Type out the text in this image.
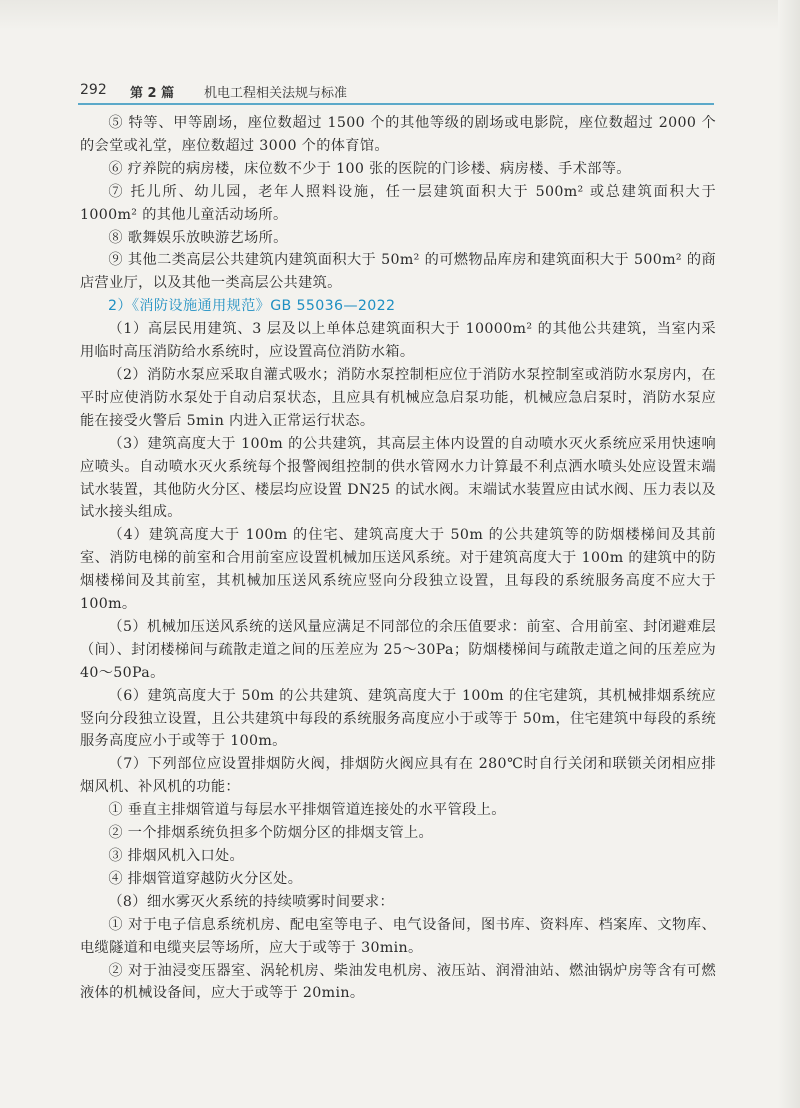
292 第 2 篇 机电工程相关法规与标准

⑤ 特等、甲等剧场，座位数超过 1500 个的其他等级的剧场或电影院，座位数超过 2000 个的会堂或礼堂，座位数超过 3000 个的体育馆。

⑥ 疗养院的病房楼，床位数不少于 100 张的医院的门诊楼、病房楼、手术部等。

⑦ 托儿所、幼儿园，老年人照料设施，任一层建筑面积大于 500m² 或总建筑面积大于 1000m² 的其他儿童活动场所。

⑧ 歌舞娱乐放映游艺场所。

⑨ 其他二类高层公共建筑内建筑面积大于 50m² 的可燃物品库房和建筑面积大于 500m² 的商店营业厅，以及其他一类高层公共建筑。

2）《消防设施通用规范》GB 55036—2022

（1）高层民用建筑、3 层及以上单体总建筑面积大于 10000m² 的其他公共建筑，当室内采用临时高压消防给水系统时，应设置高位消防水箱。

（2）消防水泵应采取自灌式吸水；消防水泵控制柜应位于消防水泵控制室或消防水泵房内，在平时应使消防水泵处于自动启泵状态，且应具有机械应急启泵功能，机械应急启泵时，消防水泵应能在接受火警后 5min 内进入正常运行状态。

（3）建筑高度大于 100m 的公共建筑，其高层主体内设置的自动喷水灭火系统应采用快速响应喷头。自动喷水灭火系统每个报警阀组控制的供水管网水力计算最不利点洒水喷头处应设置末端试水装置，其他防火分区、楼层均应设置 DN25 的试水阀。末端试水装置应由试水阀、压力表以及试水接头组成。

（4）建筑高度大于 100m 的住宅、建筑高度大于 50m 的公共建筑等的防烟楼梯间及其前室、消防电梯的前室和合用前室应设置机械加压送风系统。对于建筑高度大于 100m 的建筑中的防烟楼梯间及其前室，其机械加压送风系统应竖向分段独立设置，且每段的系统服务高度不应大于 100m。

（5）机械加压送风系统的送风量应满足不同部位的余压值要求：前室、合用前室、封闭避难层（间）、封闭楼梯间与疏散走道之间的压差应为 25～30Pa；防烟楼梯间与疏散走道之间的压差应为 40～50Pa。

（6）建筑高度大于 50m 的公共建筑、建筑高度大于 100m 的住宅建筑，其机械排烟系统应竖向分段独立设置，且公共建筑中每段的系统服务高度应小于或等于 50m，住宅建筑中每段的系统服务高度应小于或等于 100m。

（7）下列部位应设置排烟防火阀，排烟防火阀应具有在 280℃时自行关闭和联锁关闭相应排烟风机、补风机的功能：

① 垂直主排烟管道与每层水平排烟管道连接处的水平管段上。

② 一个排烟系统负担多个防烟分区的排烟支管上。

③ 排烟风机入口处。

④ 排烟管道穿越防火分区处。

（8）细水雾灭火系统的持续喷雾时间要求：

① 对于电子信息系统机房、配电室等电子、电气设备间，图书库、资料库、档案库、文物库、电缆隧道和电缆夹层等场所，应大于或等于 30min。

② 对于油浸变压器室、涡轮机房、柴油发电机房、液压站、润滑油站、燃油锅炉房等含有可燃液体的机械设备间，应大于或等于 20min。
